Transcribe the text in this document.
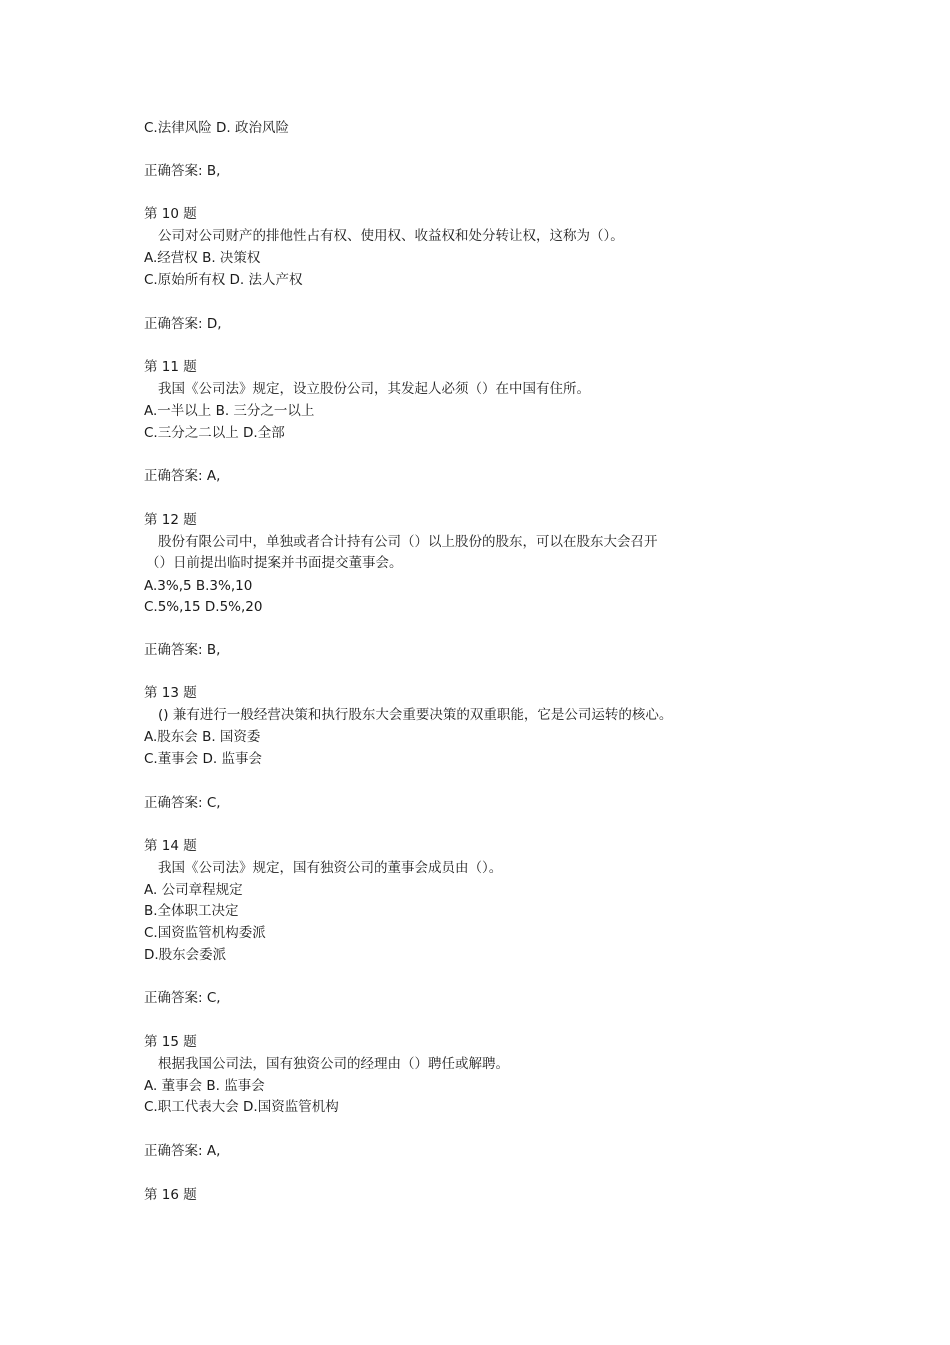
C.法律风险 D. 政治风险
正确答案: B,
第 10 题
公司对公司财产的排他性占有权、使用权、收益权和处分转让权，这称为（）。
A.经营权 B. 决策权
C.原始所有权 D. 法人产权
正确答案: D,
第 11 题
我国《公司法》规定，设立股份公司，其发起人必须（）在中国有住所。
A.一半以上 B. 三分之一以上
C.三分之二以上 D.全部
正确答案: A,
第 12 题
股份有限公司中，单独或者合计持有公司（）以上股份的股东，可以在股东大会召开
（）日前提出临时提案并书面提交董事会。
A.3%,5 B.3%,10
C.5%,15 D.5%,20
正确答案: B,
第 13 题
() 兼有进行一般经营决策和执行股东大会重要决策的双重职能，它是公司运转的核心。
A.股东会 B. 国资委
C.董事会 D. 监事会
正确答案: C,
第 14 题
我国《公司法》规定，国有独资公司的董事会成员由（）。
A. 公司章程规定
B.全体职工决定
C.国资监管机构委派
D.股东会委派
正确答案: C,
第 15 题
根据我国公司法，国有独资公司的经理由（）聘任或解聘。
A. 董事会 B. 监事会
C.职工代表大会 D.国资监管机构
正确答案: A,
第 16 题
